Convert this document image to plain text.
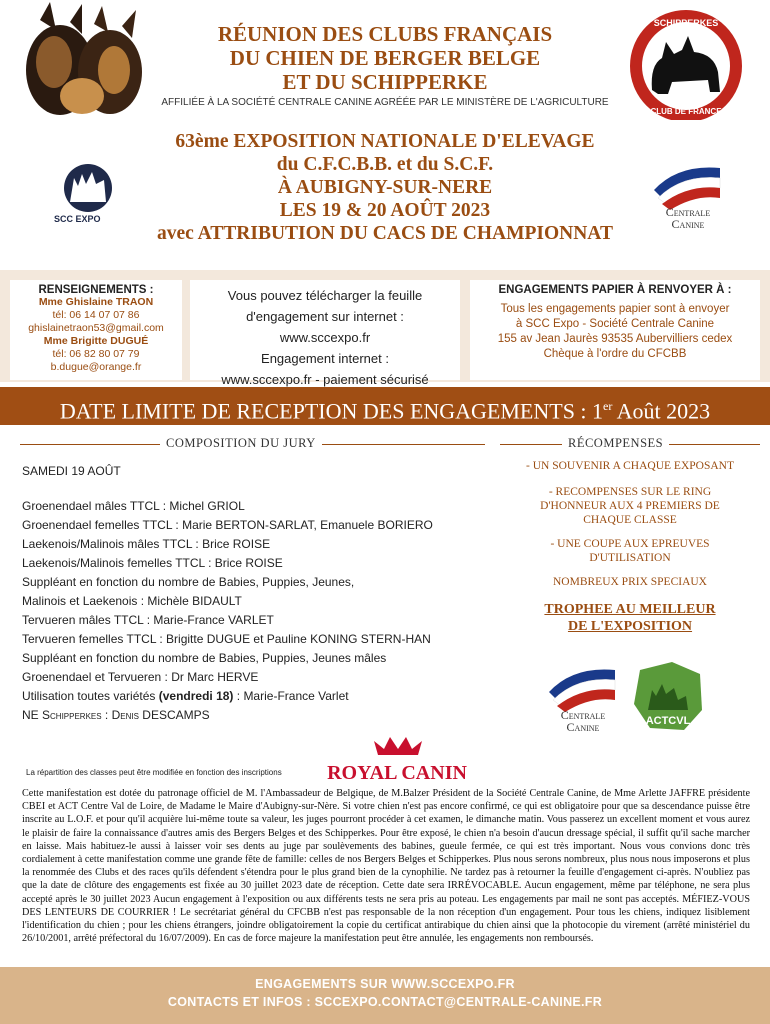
SCHIPPERKES
CLUB DE FRANCE
RÉUNION DES CLUBS FRANÇAIS
DU CHIEN DE BERGER BELGE
ET DU SCHIPPERKE
AFFILIÉE À LA SOCIÉTÉ CENTRALE CANINE AGRÉÉE PAR LE MINISTÈRE DE L'AGRICULTURE
SCC EXPO	Centrale
Canine
63ème EXPOSITION NATIONALE D'ELEVAGE
du C.F.C.B.B. et du S.C.F.
À AUBIGNY-SUR-NERE
LES 19 & 20 AOÛT 2023
avec ATTRIBUTION DU CACS DE CHAMPIONNAT
RENSEIGNEMENTS :
Mme Ghislaine TRAON
tél: 06 14 07 07 86
ghislainetraon53@gmail.com
Mme Brigitte DUGUÉ
tél: 06 82 80 07 79
b.dugue@orange.fr
Vous pouvez télécharger la feuille
d'engagement sur internet :
www.sccexpo.fr
Engagement internet :
www.sccexpo.fr - paiement sécurisé
ENGAGEMENTS PAPIER À RENVOYER À :
Tous les engagements papier sont à envoyer
à SCC Expo - Société Centrale Canine
155 av Jean Jaurès 93535 Aubervilliers cedex
Chèque à l'ordre du CFCBB
DATE LIMITE DE RECEPTION DES ENGAGEMENTS : 1er Août 2023
COMPOSITION DU JURY
SAMEDI 19 AOÛT
Groenendael mâles TTCL : Michel GRIOL
Groenendael femelles TTCL : Marie BERTON-SARLAT, Emanuele BORIERO
Laekenois/Malinois mâles TTCL : Brice ROISE
Laekenois/Malinois femelles TTCL : Brice ROISE
Suppléant en fonction du nombre de Babies, Puppies, Jeunes,
Malinois et Laekenois : Michèle BIDAULT
Tervueren mâles TTCL : Marie-France VARLET
Tervueren femelles TTCL : Brigitte DUGUE et Pauline KONING STERN-HAN
Suppléant en fonction du nombre de Babies, Puppies, Jeunes mâles
Groenendael et Tervueren : Dr Marc HERVE
Utilisation toutes variétés (vendredi 18) : Marie-France Varlet
NE Schipperkes : Denis DESCAMPS
RÉCOMPENSES
- UN SOUVENIR A CHAQUE EXPOSANT
- RECOMPENSES SUR LE RING
D'HONNEUR AUX 4 PREMIERS DE
CHAQUE CLASSE
- UNE COUPE AUX EPREUVES
D'UTILISATION
NOMBREUX PRIX SPECIAUX
TROPHEE AU MEILLEUR
DE L'EXPOSITION
Centrale
Canine	ACTCVL
ROYAL CANIN
La répartition des classes peut être modifiée en fonction des inscriptions
Cette manifestation est dotée du patronage officiel de M. l'Ambassadeur de Belgique, de M.Balzer Président de la Société Centrale Canine, de Mme Arlette JAFFRE présidente CBEI et ACT Centre Val de Loire, de Madame le Maire d'Aubigny-sur-Nère. Si votre chien n'est pas encore confirmé, ce qui est obligatoire pour que sa descendance puisse être inscrite au L.O.F. et pour qu'il acquière lui-même toute sa valeur, les juges pourront procéder à cet examen, le dimanche matin. Vous passerez un excellent moment et vous aurez le plaisir de faire la connaissance d'autres amis des Bergers Belges et des Schipperkes. Pour être exposé, le chien n'a besoin d'aucun dressage spécial, il suffit qu'il sache marcher en laisse. Mais habituez-le aussi à laisser voir ses dents au juge par soulèvements des babines, gueule fermée, ce qui est très important. Nous vous convions donc très cordialement à cette manifestation comme une grande fête de famille: celles de nos Bergers Belges et Schipperkes. Plus nous serons nombreux, plus nous nous imposerons et plus la renommée des Clubs et des races qu'ils défendent s'étendra pour le plus grand bien de la cynophilie. Ne tardez pas à retourner la feuille d'engagement ci-après. N'oubliez pas que la date de clôture des engagements est fixée au 30 juillet 2023 date de réception. Cette date sera IRRÉVOCABLE. Aucun engagement, même par téléphone, ne sera plus accepté après le 30 juillet 2023 Aucun engagement à l'exposition ou aux différents tests ne sera pris au poteau. Les engagements par mail ne sont pas acceptés. MÉFIEZ-VOUS DES LENTEURS DE COURRIER ! Le secrétariat général du CFCBB n'est pas responsable de la non réception d'un engagement. Pour tous les chiens, indiquez lisiblement l'identification du chien ; pour les chiens étrangers, joindre obligatoirement la copie du certificat antirabique du chien ainsi que la photocopie du virement (arrêté ministériel du 26/10/2001, arrêté préfectoral du 16/07/2009). En cas de force majeure la manifestation peut être annulée, les engagements non remboursés.
ENGAGEMENTS SUR WWW.SCCEXPO.FR
CONTACTS ET INFOS : SCCEXPO.CONTACT@CENTRALE-CANINE.FR
